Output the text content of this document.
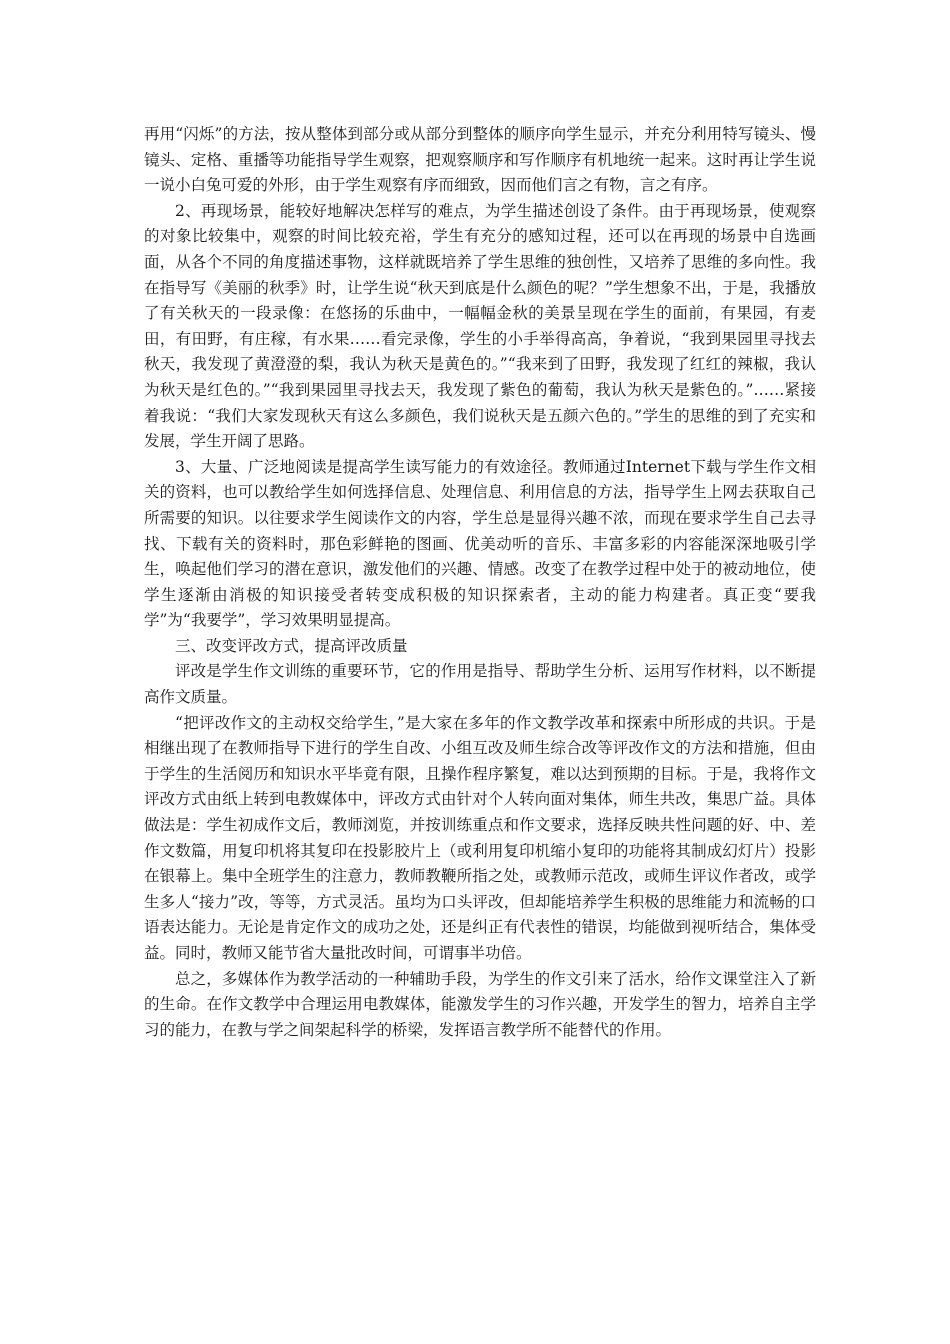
再用“闪烁”的方法，按从整体到部分或从部分到整体的顺序向学生显示，并充分利用特写镜头、慢镜头、定格、重播等功能指导学生观察，把观察顺序和写作顺序有机地统一起来。这时再让学生说一说小白兔可爱的外形，由于学生观察有序而细致，因而他们言之有物，言之有序。

2、再现场景，能较好地解决怎样写的难点，为学生描述创设了条件。由于再现场景，使观察的对象比较集中，观察的时间比较充裕，学生有充分的感知过程，还可以在再现的场景中自选画面，从各个不同的角度描述事物，这样就既培养了学生思维的独创性，又培养了思维的多向性。我在指导写《美丽的秋季》时，让学生说“秋天到底是什么颜色的呢？”学生想象不出，于是，我播放了有关秋天的一段录像：在悠扬的乐曲中，一幅幅金秋的美景呈现在学生的面前，有果园，有麦田，有田野，有庄稼，有水果……看完录像，学生的小手举得高高，争着说，“我到果园里寻找去秋天，我发现了黄澄澄的梨，我认为秋天是黄色的。”“我来到了田野，我发现了红红的辣椒，我认为秋天是红色的。”“我到果园里寻找去天，我发现了紫色的葡萄，我认为秋天是紫色的。”……紧接着我说：“我们大家发现秋天有这么多颜色，我们说秋天是五颜六色的。”学生的思维的到了充实和发展，学生开阔了思路。

3、大量、广泛地阅读是提高学生读写能力的有效途径。教师通过Internet下载与学生作文相关的资料，也可以教给学生如何选择信息、处理信息、利用信息的方法，指导学生上网去获取自己所需要的知识。以往要求学生阅读作文的内容，学生总是显得兴趣不浓，而现在要求学生自己去寻找、下载有关的资料时，那色彩鲜艳的图画、优美动听的音乐、丰富多彩的内容能深深地吸引学生，唤起他们学习的潜在意识，激发他们的兴趣、情感。改变了在教学过程中处于的被动地位，使学生逐渐由消极的知识接受者转变成积极的知识探索者，主动的能力构建者。真正变“要我学”为“我要学”，学习效果明显提高。

三、改变评改方式，提高评改质量

评改是学生作文训练的重要环节，它的作用是指导、帮助学生分析、运用写作材料，以不断提高作文质量。

“把评改作文的主动权交给学生，”是大家在多年的作文教学改革和探索中所形成的共识。于是相继出现了在教师指导下进行的学生自改、小组互改及师生综合改等评改作文的方法和措施，但由于学生的生活阅历和知识水平毕竟有限，且操作程序繁复，难以达到预期的目标。于是，我将作文评改方式由纸上转到电教媒体中，评改方式由针对个人转向面对集体，师生共改，集思广益。具体做法是：学生初成作文后，教师浏览，并按训练重点和作文要求，选择反映共性问题的好、中、差作文数篇，用复印机将其复印在投影胶片上（或利用复印机缩小复印的功能将其制成幻灯片）投影在银幕上。集中全班学生的注意力，教师教鞭所指之处，或教师示范改，或师生评议作者改，或学生多人“接力”改，等等，方式灵活。虽均为口头评改，但却能培养学生积极的思维能力和流畅的口语表达能力。无论是肯定作文的成功之处，还是纠正有代表性的错误，均能做到视听结合，集体受益。同时，教师又能节省大量批改时间，可谓事半功倍。

总之，多媒体作为教学活动的一种辅助手段，为学生的作文引来了活水，给作文课堂注入了新的生命。在作文教学中合理运用电教媒体，能激发学生的习作兴趣，开发学生的智力，培养自主学习的能力，在教与学之间架起科学的桥梁，发挥语言教学所不能替代的作用。
